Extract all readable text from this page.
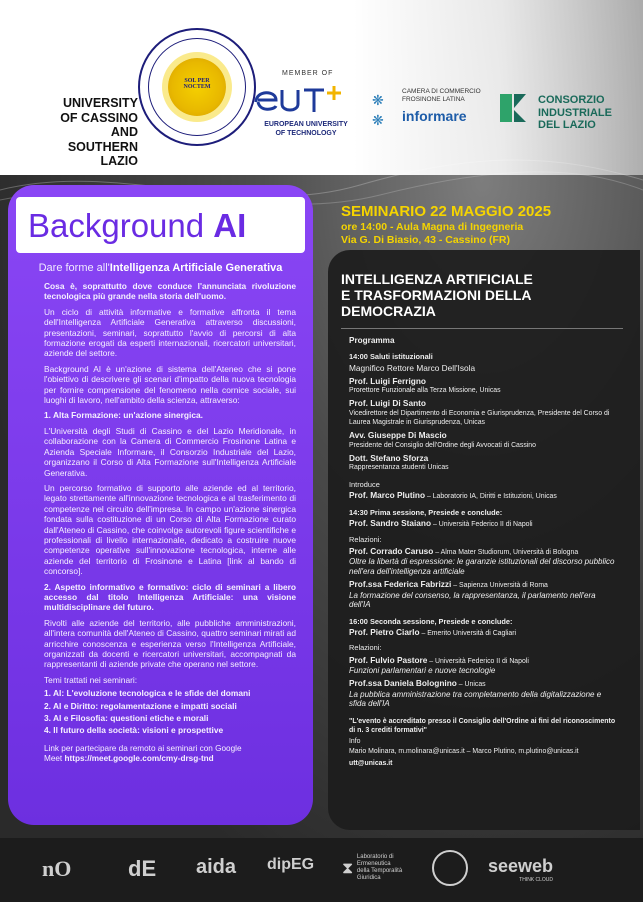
UNIVERSITY
OF CASSINO AND
SOUTHERN LAZIO
SOL PER NOCTEM
MEMBER OF
EUROPEAN UNIVERSITY
OF TECHNOLOGY
❋
❋
CAMERA DI COMMERCIO
FROSINONE LATINA
informare
CONSORZIO
INDUSTRIALE
DEL LAZIO
Background AI
Dare forme all'Intelligenza Artificiale Generativa

Cosa è, soprattutto dove conduce l'annunciata rivoluzione tecnologica più grande nella storia dell'uomo.

Un ciclo di attività informative e formative affronta il tema dell'Intelligenza Artificiale Generativa attraverso discussioni, presentazioni, seminari, soprattutto l'avvio di percorsi di alta formazione erogati da esperti internazionali, ricercatori universitari, aziende del settore.

Background AI è un'azione di sistema dell'Ateneo che si pone l'obiettivo di descrivere gli scenari d'impatto della nuova tecnologia per fornire comprensione del fenomeno nella cornice sociale, sui luoghi di lavoro, nell'ambito della scienza, attraverso:

1. Alta Formazione: un'azione sinergica.

L'Università degli Studi di Cassino e del Lazio Meridionale, in collaborazione con la Camera di Commercio Frosinone Latina e Azienda Speciale Informare, il Consorzio Industriale del Lazio, organizzano il Corso di Alta Formazione sull'Intelligenza Artificiale Generativa.

Un percorso formativo di supporto alle aziende ed al territorio, legato strettamente all'innovazione tecnologica e al trasferimento di competenze nel circuito dell'impresa. In campo un'azione sinergica fondata sulla costituzione di un Corso di Alta Formazione curato dall'Ateneo di Cassino, che coinvolge autorevoli figure scientifiche e professionali di livello internazionale, dedicato a costruire nuove competenze operative sull'innovazione tecnologica, interne alle aziende del territorio di Frosinone e Latina [link al bando di concorso].

2. Aspetto informativo e formativo: ciclo di seminari a libero accesso dal titolo Intelligenza Artificiale: una visione multidisciplinare del futuro.

Rivolti alle aziende del territorio, alle pubbliche amministrazioni, all'intera comunità dell'Ateneo di Cassino, quattro seminari mirati ad arricchire conoscenza e esperienza verso l'Intelligenza Artificiale, organizzati da docenti e ricercatori universitari, accompagnati da rappresentanti di aziende private che operano nel settore.

Temi trattati nei seminari:

1. AI: L'evoluzione tecnologica e le sfide del domani
2. AI e Diritto: regolamentazione e impatti sociali
3. AI e Filosofia: questioni etiche e morali
4. Il futuro della società: visioni e prospettive

Link per partecipare da remoto ai seminari con Google
Meet https://meet.google.com/cmy-drsg-tnd

SEMINARIO 22 MAGGIO 2025
ore 14:00 - Aula Magna di Ingegneria
Via G. Di Biasio, 43 - Cassino (FR)
INTELLIGENZA ARTIFICIALE
E TRASFORMAZIONI DELLA
DEMOCRAZIA
Programma
14:00 Saluti istituzionali
Magnifico Rettore Marco Dell'Isola
Prof. Luigi Ferrigno
Prorettore Funzionale alla Terza Missione, Unicas
Prof. Luigi Di Santo
Vicedirettore del Dipartimento di Economia e Giurisprudenza, Presidente del Corso di Laurea Magistrale in Giurisprudenza, Unicas
Avv. Giuseppe Di Mascio
Presidente del Consiglio dell'Ordine degli Avvocati di Cassino
Dott. Stefano Sforza
Rappresentanza studenti Unicas
Introduce
Prof. Marco Plutino – Laboratorio IA, Diritti e Istituzioni, Unicas
14:30 Prima sessione, Presiede e conclude:
Prof. Sandro Staiano – Università Federico II di Napoli
Relazioni:
Prof. Corrado Caruso – Alma Mater Studiorum, Università di Bologna
Oltre la libertà di espressione: le garanzie istituzionali del discorso pubblico nell'era dell'intelligenza artificiale
Prof.ssa Federica Fabrizzi – Sapienza Università di Roma
La formazione del consenso, la rappresentanza, il parlamento nell'era dell'IA
16:00 Seconda sessione, Presiede e conclude:
Prof. Pietro Ciarlo – Emerito Università di Cagliari
Relazioni:
Prof. Fulvio Pastore – Università Federico II di Napoli
Funzioni parlamentari e nuove tecnologie
Prof.ssa Daniela Bolognino – Unicas
La pubblica amministrazione tra completamento della digitalizzazione e sfida dell'IA
"L'evento è accreditato presso il Consiglio dell'Ordine ai fini del riconoscimento di n. 3 crediti formativi"
Info
Mario Molinara, m.molinara@unicas.it – Marco Plutino, m.plutino@unicas.it
utt@unicas.it
nO	dE aida dipEG ⧗ Laboratorio di Ermeneutica della Temporalità Giuridica
seeweb
THINK CLOUD
